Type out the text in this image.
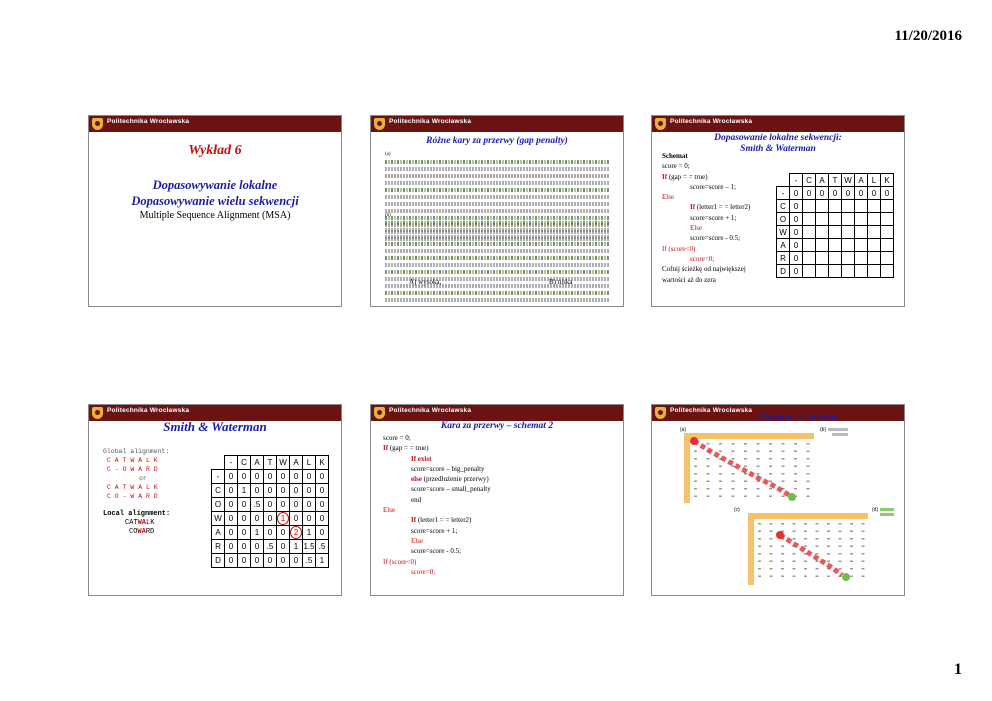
11/20/2016
1
Politechnika Wrocławska
Wykład 6
Dopasowywanie lokalne
Dopasowywanie wielu sekwencji
Multiple Sequence Alignment (MSA)
Politechnika Wrocławska
Różne kary za przerwy (gap penalty)
(a)
(b)
A) wysoka,	B) niska
Politechnika Wrocławska
Dopasowanie lokalne sekwencji:
Smith & Waterman
Schemat
score = 0;
If (gap = = true)
score=score – 1;
Else
If (letter1 = = letter2)
score=score + 1;
Else
score=score - 0.5;
If (score<0)
score=0;
Cofnij ścieżkę od największej
wartości aż do zera
	-	C	A	T	W	A	L	K
-	0	0	0	0	0	0	0	0
C	0							
O	0							
W	0							
A	0							
R	0							
D	0							
Politechnika Wrocławska
Smith & Waterman
Global alignment:
C A T W A L K
C - O W A R D
or
C A T W A L K
C O - W A R D
Local alignment:
CATWALK
COWARD
	-	C	A	T	W	A	L	K
-	0	0	0	0	0	0	0	0
C	0	1	0	0	0	0	0	0
O	0	0	.5	0	0	0	0	0
W	0	0	0	0	1	0	0	0
A	0	0	1	0	0	2	1	0
R	0	0	0	.5	0	1	1.5	.5
D	0	0	0	0	0	0	.5	1
Politechnika Wrocławska
Kara za przerwy – schemat 2
score = 0;
If (gap = = true)
If exist
score=score – big_penalty
else (przedłużenie przerwy)
score=score – small_penalty
end
Else
If (letter1 = = letter2)
score=score + 1;
Else
score=score - 0.5;
If (score<0)
score=0;
Politechnika Wrocławska
Globalne vs. lokalne
(a)	(b)
(c)	(d)
